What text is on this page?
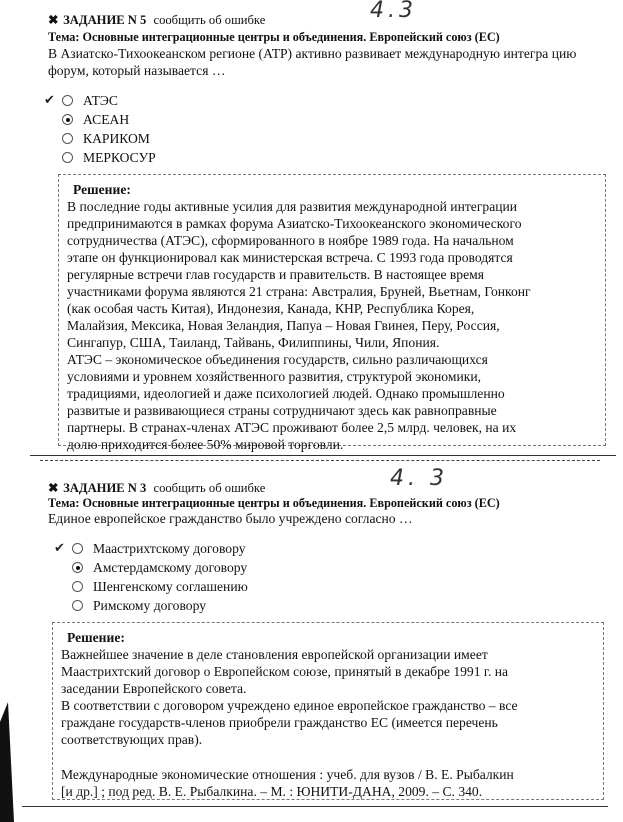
✖ ЗАДАНИЕ N 5 сообщить об ошибке	4.3
Тема: Основные интеграционные центры и объединения. Европейский союз (ЕС)
В Азиатско-Тихоокеанском регионе (АТР) активно развивает международную интегра цию форум, который называется …
✔ АТЭС
АСЕАН
КАРИКОМ
МЕРКОСУР
Решение:
В последние годы активные усилия для развития международной интеграции
предпринимаются в рамках форума Азиатско-Тихоокеанского экономического
сотрудничества (АТЭС), сформированного в ноябре 1989 года. На начальном
этапе он функционировал как министерская встреча. С 1993 года проводятся
регулярные встречи глав государств и правительств. В настоящее время
участниками форума являются 21 страна: Австралия, Бруней, Вьетнам, Гонконг
(как особая часть Китая), Индонезия, Канада, КНР, Республика Корея,
Малайзия, Мексика, Новая Зеландия, Папуа – Новая Гвинея, Перу, Россия,
Сингапур, США, Таиланд, Тайвань, Филиппины, Чили, Япония.
АТЭС – экономическое объединения государств, сильно различающихся
условиями и уровнем хозяйственного развития, структурой экономики,
традициями, идеологией и даже психологией людей. Однако промышленно
развитые и развивающиеся страны сотрудничают здесь как равноправные
партнеры. В странах-членах АТЭС проживают более 2,5 млрд. человек, на их
долю приходится более 50% мировой торговли.
✖ ЗАДАНИЕ N 3 сообщить об ошибке	4. 3
Тема: Основные интеграционные центры и объединения. Европейский союз (ЕС)
Единое европейское гражданство было учреждено согласно …
✔ Маастрихтскому договору
Амстердамскому договору
Шенгенскому соглашению
Римскому договору
Решение:
Важнейшее значение в деле становления европейской организации имеет
Маастрихтский договор о Европейском союзе, принятый в декабре 1991 г. на
заседании Европейского совета.
В соответствии с договором учреждено единое европейское гражданство – все
граждане государств-членов приобрели гражданство ЕС (имеется перечень
соответствующих прав).
Международные экономические отношения : учеб. для вузов / В. Е. Рыбалкин
[и др.] ; под ред. В. Е. Рыбалкина. – М. : ЮНИТИ-ДАНА, 2009. – С. 340.
